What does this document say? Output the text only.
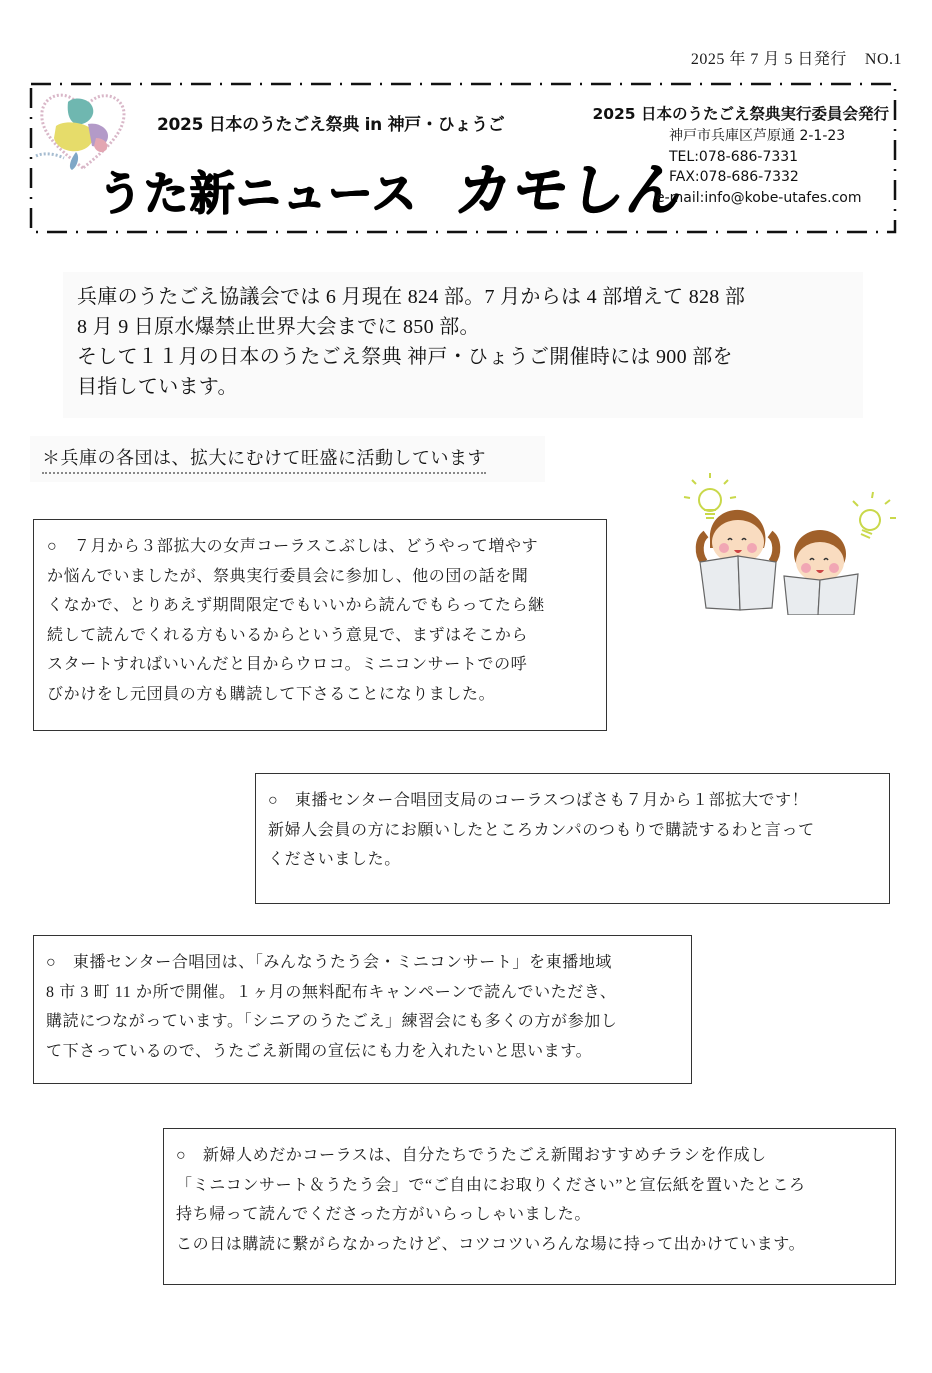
2025 年 7 月 5 日発行 NO.1
2025 日本のうたごえ祭典 in 神戸・ひょうご
うた新ニュース カモしん
2025 日本のうたごえ祭典実行委員会発行
神戸市兵庫区芦原通 2-1-23
TEL:078-686-7331
FAX:078-686-7332
e-mail:info@kobe-utafes.com

兵庫のうたごえ協議会では 6 月現在 824 部。7 月からは 4 部増えて 828 部

8 月 9 日原水爆禁止世界大会までに 850 部。

そして１１月の日本のうたごえ祭典 神戸・ひょうご開催時には 900 部を

目指しています。

＊兵庫の各団は、拡大にむけて旺盛に活動しています

○　７月から３部拡大の女声コーラスこぶしは、どうやって増やす

か悩んでいましたが、祭典実行委員会に参加し、他の団の話を聞

くなかで、とりあえず期間限定でもいいから読んでもらってたら継

続して読んでくれる方もいるからという意見で、まずはそこから

スタートすればいいんだと目からウロコ。ミニコンサートでの呼

びかけをし元団員の方も購読して下さることになりました。

○　東播センター合唱団支局のコーラスつばさも７月から１部拡大です！

新婦人会員の方にお願いしたところカンパのつもりで購読するわと言って

くださいました。

○　東播センター合唱団は、「みんなうたう会・ミニコンサート」を東播地域

8 市 3 町 11 か所で開催。１ヶ月の無料配布キャンペーンで読んでいただき、

購読につながっています。「シニアのうたごえ」練習会にも多くの方が参加し

て下さっているので、うたごえ新聞の宣伝にも力を入れたいと思います。

○　新婦人めだかコーラスは、自分たちでうたごえ新聞おすすめチラシを作成し

「ミニコンサート＆うたう会」で“ご自由にお取りください”と宣伝紙を置いたところ

持ち帰って読んでくださった方がいらっしゃいました。

この日は購読に繋がらなかったけど、コツコツいろんな場に持って出かけています。
